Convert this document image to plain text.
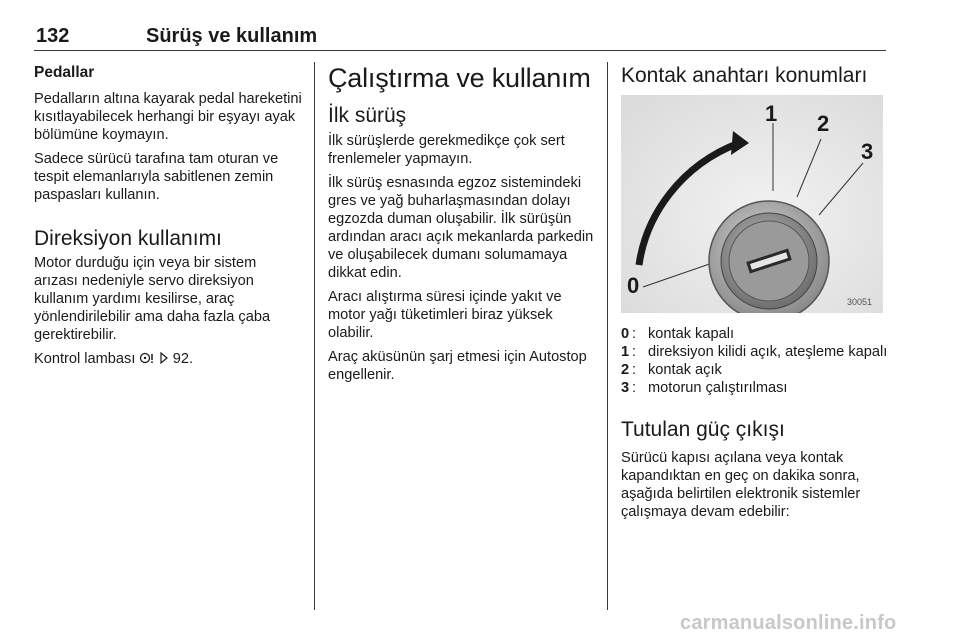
132	Sürüş ve kullanım
Pedallar

Pedalların altına kayarak pedal hareketini kısıtlayabilecek herhangi bir eşyayı ayak bölümüne koymayın.

Sadece sürücü tarafına tam oturan ve tespit elemanlarıyla sabitlenen zemin paspasları kullanın.

Direksiyon kullanımı

Motor durduğu için veya bir sistem arızası nedeniyle servo direksiyon kullanım yardımı kesilirse, araç yönlendirilebilir ama daha fazla çaba gerektirebilir.

Kontrol lambası	92.

Çalıştırma ve kullanım
İlk sürüş

İlk sürüşlerde gerekmedikçe çok sert frenlemeler yapmayın.

İlk sürüş esnasında egzoz sistemindeki gres ve yağ buharlaşmasından dolayı egzozda duman oluşabilir. İlk sürüşün ardından aracı açık mekanlarda parkedin ve oluşabilecek dumanı solumamaya dikkat edin.

Aracı alıştırma süresi içinde yakıt ve motor yağı tüketimleri biraz yüksek olabilir.

Araç aküsünün şarj etmesi için Autostop engellenir.

Kontak anahtarı konumları
0
1 2
3
30051
0 : kontak kapalı
1 : direksiyon kilidi açık, ateşleme kapalı
2 : kontak açık
3 : motorun çalıştırılması
Tutulan güç çıkışı

Sürücü kapısı açılana veya kontak kapandıktan en geç on dakika sonra, aşağıda belirtilen elektronik sistemler çalışmaya devam edebilir:

carmanualsonline.info
